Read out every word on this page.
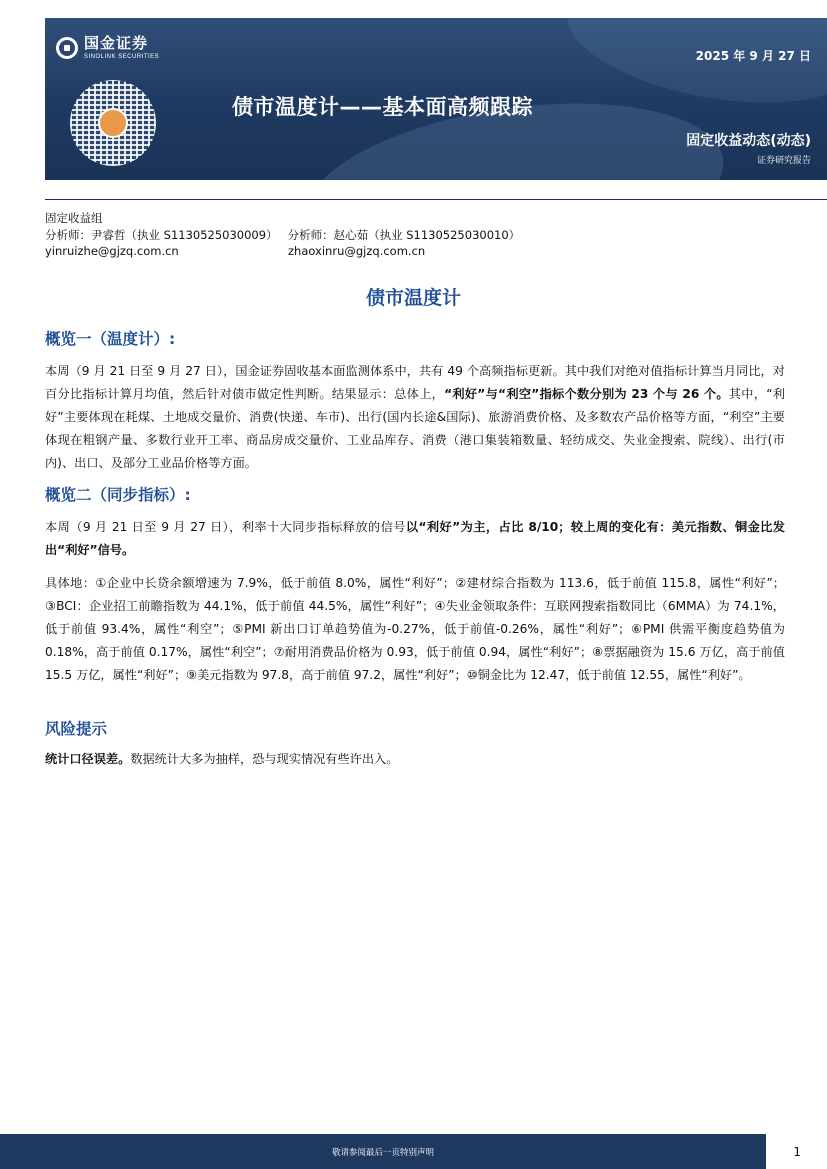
国金证券
SINOLINK SECURITIES	2025 年 9 月 27 日
债市温度计——基本面高频跟踪
固定收益动态(动态)
证券研究报告
固定收益组
分析师：尹睿哲（执业 S1130525030009） 分析师：赵心茹（执业 S1130525030010）
yinruizhe@gjzq.com.cn	zhaoxinru@gjzq.com.cn
债市温度计
概览一（温度计）:
本周（9 月 21 日至 9 月 27 日），国金证券固收基本面监测体系中，共有 49 个高频指标更新。其中我们对绝对值指标计算当月同比，对百分比指标计算月均值，然后针对债市做定性判断。结果显示：总体上，“利好”与“利空”指标个数分别为 23 个与 26 个。其中，“利好”主要体现在耗煤、土地成交量价、消费(快递、车市)、出行(国内长途&国际)、旅游消费价格、及多数农产品价格等方面，“利空”主要体现在粗钢产量、多数行业开工率、商品房成交量价、工业品库存、消费（港口集装箱数量、轻纺成交、失业金搜索、院线）、出行(市内)、出口、及部分工业品价格等方面。
概览二（同步指标）:
本周（9 月 21 日至 9 月 27 日），利率十大同步指标释放的信号以“利好”为主，占比 8/10；较上周的变化有：美元指数、铜金比发出“利好”信号。
具体地：①企业中长贷余额增速为 7.9%，低于前值 8.0%，属性“利好”；②建材综合指数为 113.6，低于前值 115.8，属性“利好”；③BCI：企业招工前瞻指数为 44.1%，低于前值 44.5%，属性“利好”；④失业金领取条件：互联网搜索指数同比（6MMA）为 74.1%，低于前值 93.4%，属性“利空”；⑤PMI 新出口订单趋势值为-0.27%，低于前值-0.26%，属性“利好”；⑥PMI 供需平衡度趋势值为 0.18%，高于前值 0.17%，属性“利空”；⑦耐用消费品价格为 0.93，低于前值 0.94，属性“利好”；⑧票据融资为 15.6 万亿，高于前值 15.5 万亿，属性“利好”；⑨美元指数为 97.8，高于前值 97.2，属性“利好”；⑩铜金比为 12.47，低于前值 12.55，属性“利好”。
风险提示
统计口径误差。数据统计大多为抽样，恐与现实情况有些许出入。
敬请参阅最后一页特别声明	1
